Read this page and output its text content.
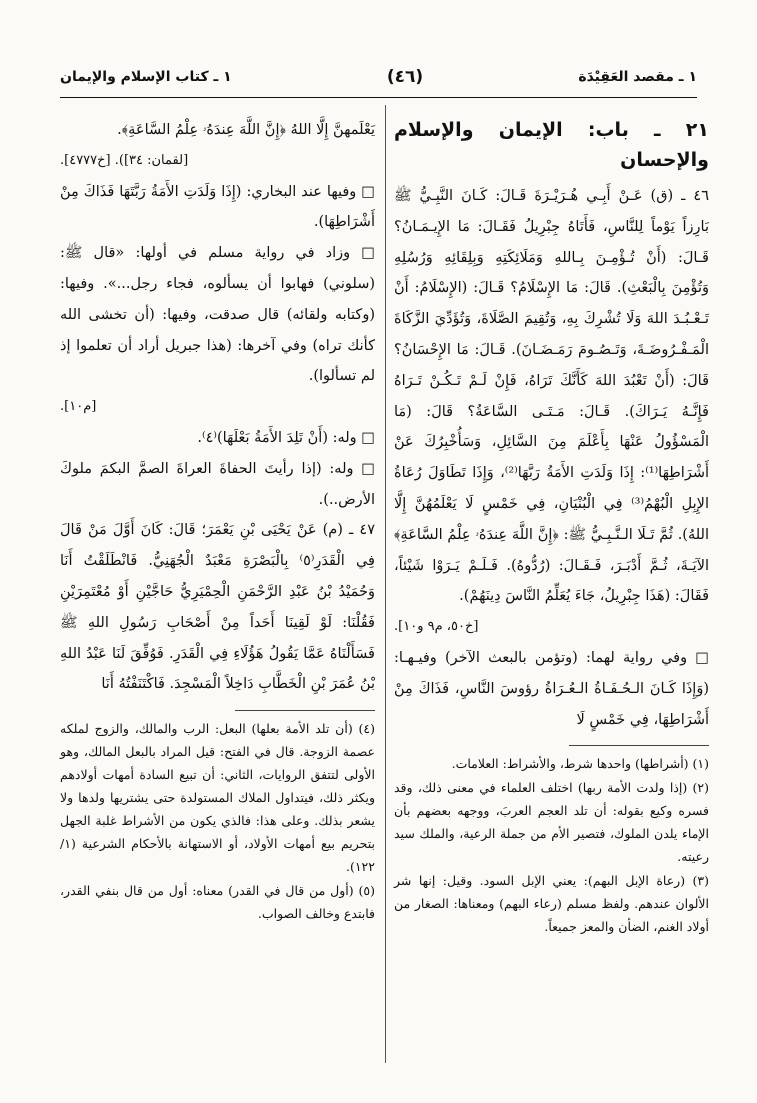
١ ـ مقصد العَقِيْدَة
(٤٦)
١ ـ كتاب الإسلام والإيمان
٢١ ـ باب: الإيمان والإسلام والإحسان

٤٦ ـ (ق) عَـنْ أَبِـي هُـرَيْـرَةَ قَـالَ: كَـانَ النَّبِـيُّ ﷺ بَارِزاً يَوْماً لِلنَّاسِ، فَأَتَاهُ جِبْرِيلُ فَقَـالَ: مَا الإِيـمَـانُ؟ قَـالَ: (أَنْ تُـؤْمِـنَ بِـاللهِ وَمَلَائِكَتِهِ وَبِلِقَائِهِ وَرُسُلِهِ وَتُؤْمِنَ بِالْبَعْثِ). قَالَ: مَا الإِسْلَامُ؟ قَـالَ: (الإِسْلَامُ: أَنْ تَـعْـبُـدَ اللهَ وَلَا تُشْرِكَ بِهِ، وَتُقِيمَ الصَّلَاةَ، وَتُؤَدِّيَ الزَّكَاةَ الْمَـفْـرُوضَـةَ، وَتَـصُـومَ رَمَـضَـانَ). قَـالَ: مَا الإِحْسَانُ؟ قَالَ: (أَنْ تَعْبُدَ اللهَ كَأَنَّكَ تَرَاهُ، فَإِنْ لَـمْ تَـكُـنْ تَـرَاهُ فَإِنَّـهُ يَـرَاكَ). قَـالَ: مَـتَـى السَّاعَةُ؟ قَالَ: (مَا الْمَسْؤُولُ عَنْهَا بِأَعْلَمَ مِنَ السَّائِلِ، وَسَأُخْبِرُكَ عَنْ أَشْرَاطِهَا⁽¹⁾: إِذَا وَلَدَتِ الأَمَةُ رَبَّهَا⁽²⁾، وَإِذَا تَطَاوَلَ رُعَاةُ الإِبِلِ الْبُهْمُ⁽³⁾ فِي الْبُنْيَانِ، فِي خَمْسٍ لَا يَعْلَمُهُنَّ إِلَّا اللهُ). ثُمَّ تَـلَا الـنَّـبِـيُّ ﷺ: ﴿إِنَّ اللَّهَ عِندَهُۥ عِلْمُ السَّاعَةِ﴾ الآيَـةَ، ثُـمَّ أَدْبَـرَ، فَـقَـالَ: (رُدُّوهُ). فَـلَـمْ يَـرَوْا شَيْئاً، فَقَالَ: (هَذَا جِبْرِيلُ، جَاءَ يُعَلِّمُ النَّاسَ دِينَهُمْ).

[خ٥٠، م٩ و١٠].

□ وفي رواية لهما: (وتؤمن بالبعث الآخر) وفيـهـا: (وَإِذَا كَـانَ الـحُـفَـاةُ الـعُـرَاةُ رؤوسَ النَّاسِ، فَذَاكَ مِنْ أَشْرَاطِهَا، فِي خَمْسٍ لَا

(١) (أشراطها) واحدها شرط، والأشراط: العلامات.

(٢) (إذا ولدت الأمة ربها) اختلف العلماء في معنى ذلك، وقد فسره وكيع بقوله: أن تلد العجم العربَ، ووجهه بعضهم بأن الإماء يلدن الملوك، فتصير الأم من جملة الرعية، والملك سيد رعيته.

(٣) (رعاة الإبل البهم): يعني الإبل السود. وقيل: إنها شر الألوان عندهم. ولفظ مسلم (رعاء البهم) ومعناها: الصغار من أولاد الغنم، الضأن والمعز جميعاً.

يَعْلَمهنَّ إِلَّا اللهُ ﴿إِنَّ اللَّهَ عِندَهُۥ عِلْمُ السَّاعَةِ﴾.

[لقمان: ٣٤]). [خ٤٧٧٧].

□ وفيها عند البخاري: (إِذَا وَلَدَتِ الأَمَةُ رَبَّتَهَا فَذَاكَ مِنْ أَشْرَاطِهَا).

□ وزاد في رواية مسلم في أولها: «قال ﷺ: (سلوني) فهابوا أن يسألوه، فجاء رجل...». وفيها: (وكتابه ولقائه) قال صدقت، وفيها: (أن تخشى الله كأنك تراه) وفي آخرها: (هذا جبريل أراد أن تعلموا إذ لم تسألوا).

[م١٠].

□ وله: (أَنْ تَلِدَ الأَمَةُ بَعْلَهَا)⁽٤⁾.

□ وله: (إذا رأيتَ الحفاةَ العراةَ الصمَّ البكمَ ملوكَ الأرض..).

٤٧ ـ (م) عَنْ يَحْيَى بْنِ يَعْمَرَ؛ قَالَ: كَانَ أَوَّلَ مَنْ قَالَ فِي الْقَدَرِ⁽٥⁾ بِالْبَصْرَةِ مَعْبَدٌ الْجُهَنِيُّ. فَانْطَلَقْتُ أَنَا وَحُمَيْدُ بْنُ عَبْدِ الرَّحْمَنِ الْحِمْيَرِيُّ حَاجَّيْنِ أَوْ مُعْتَمِرَيْنِ فَقُلْنَا: لَوْ لَقِينَا أَحَداً مِنْ أَصْحَابِ رَسُولِ اللهِ ﷺ فَسَأَلْنَاهُ عَمَّا يَقُولُ هَؤُلَاءِ فِي الْقَدَرِ. فَوُفِّقَ لَنَا عَبْدُ اللهِ بْنُ عُمَرَ بْنِ الْخَطَّابِ دَاخِلاً الْمَسْجِدَ. فَاكْتَنَفْتُهُ أَنَا

(٤) (أن تلد الأمة بعلها) البعل: الرب والمالك، والزوج لملكه عصمة الزوجة. قال في الفتح: قيل المراد بالبعل المالك، وهو الأولى لتتفق الروايات، الثاني: أن تبيع السادة أمهات أولادهم ويكثر ذلك، فيتداول الملاك المستولدة حتى يشتريها ولدها ولا يشعر بذلك. وعلى هذا: فالذي يكون من الأشراط غلبة الجهل بتحريم بيع أمهات الأولاد، أو الاستهانة بالأحكام الشرعية (١/ ١٢٢).

(٥) (أول من قال في القدر) معناه: أول من قال بنفي القدر، فابتدع وخالف الصواب.
